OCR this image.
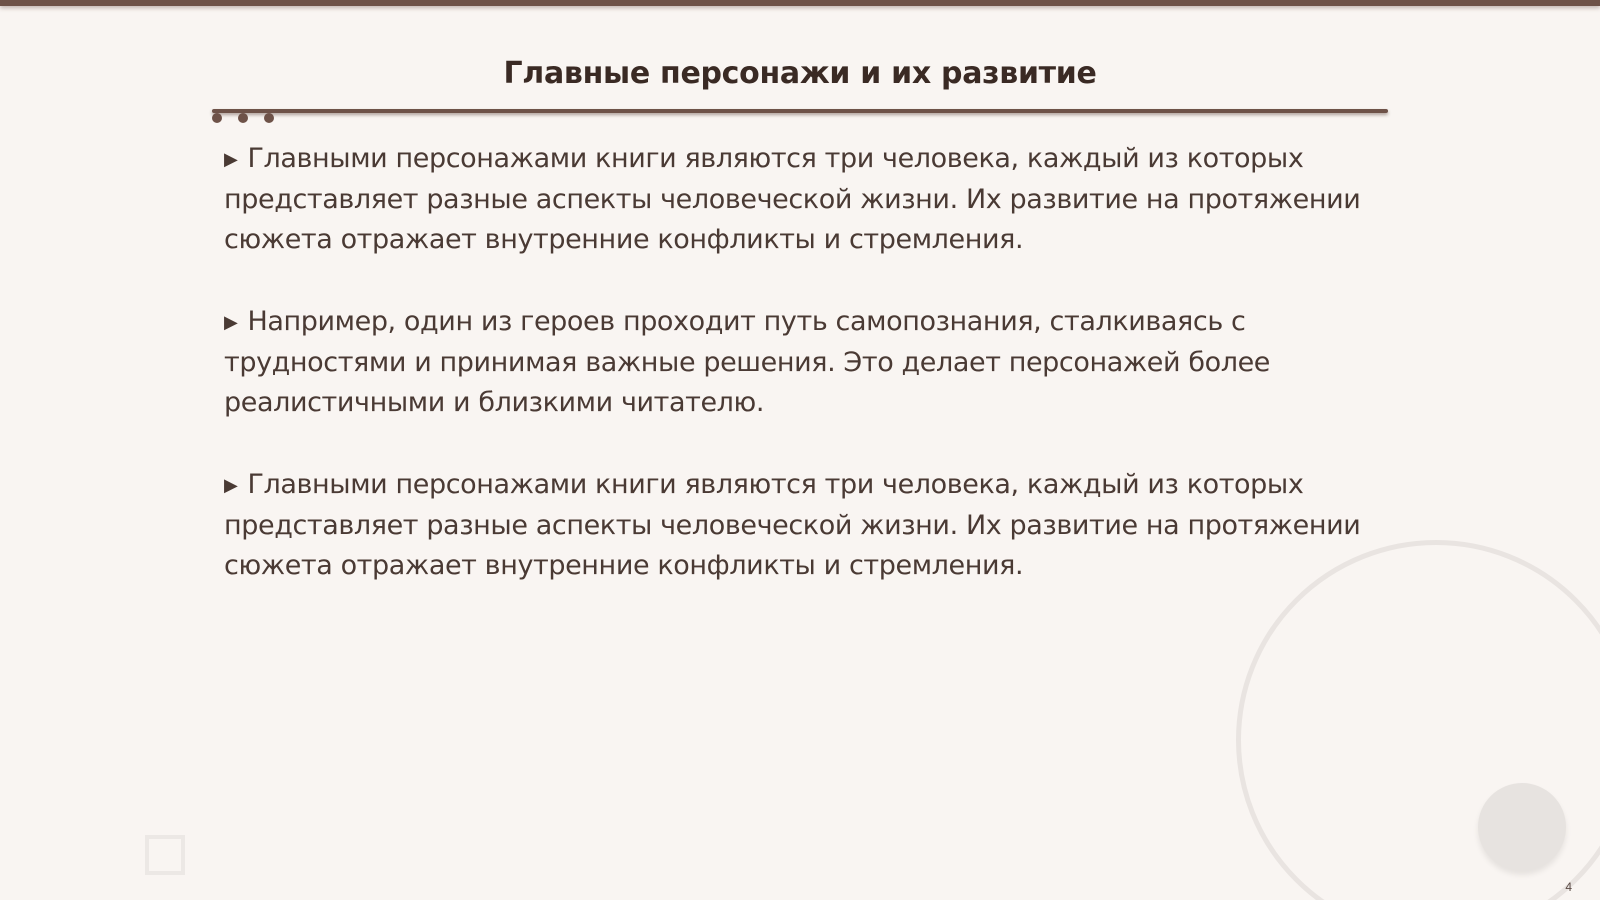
Главные персонажи и их развитие

▶ Главными персонажами книги являются три человека, каждый из которых представляет разные аспекты человеческой жизни. Их развитие на протяжении сюжета отражает внутренние конфликты и стремления.

▶ Например, один из героев проходит путь самопознания, сталкиваясь с трудностями и принимая важные решения. Это делает персонажей более реалистичными и близкими читателю.

▶ Главными персонажами книги являются три человека, каждый из которых представляет разные аспекты человеческой жизни. Их развитие на протяжении сюжета отражает внутренние конфликты и стремления.

4
